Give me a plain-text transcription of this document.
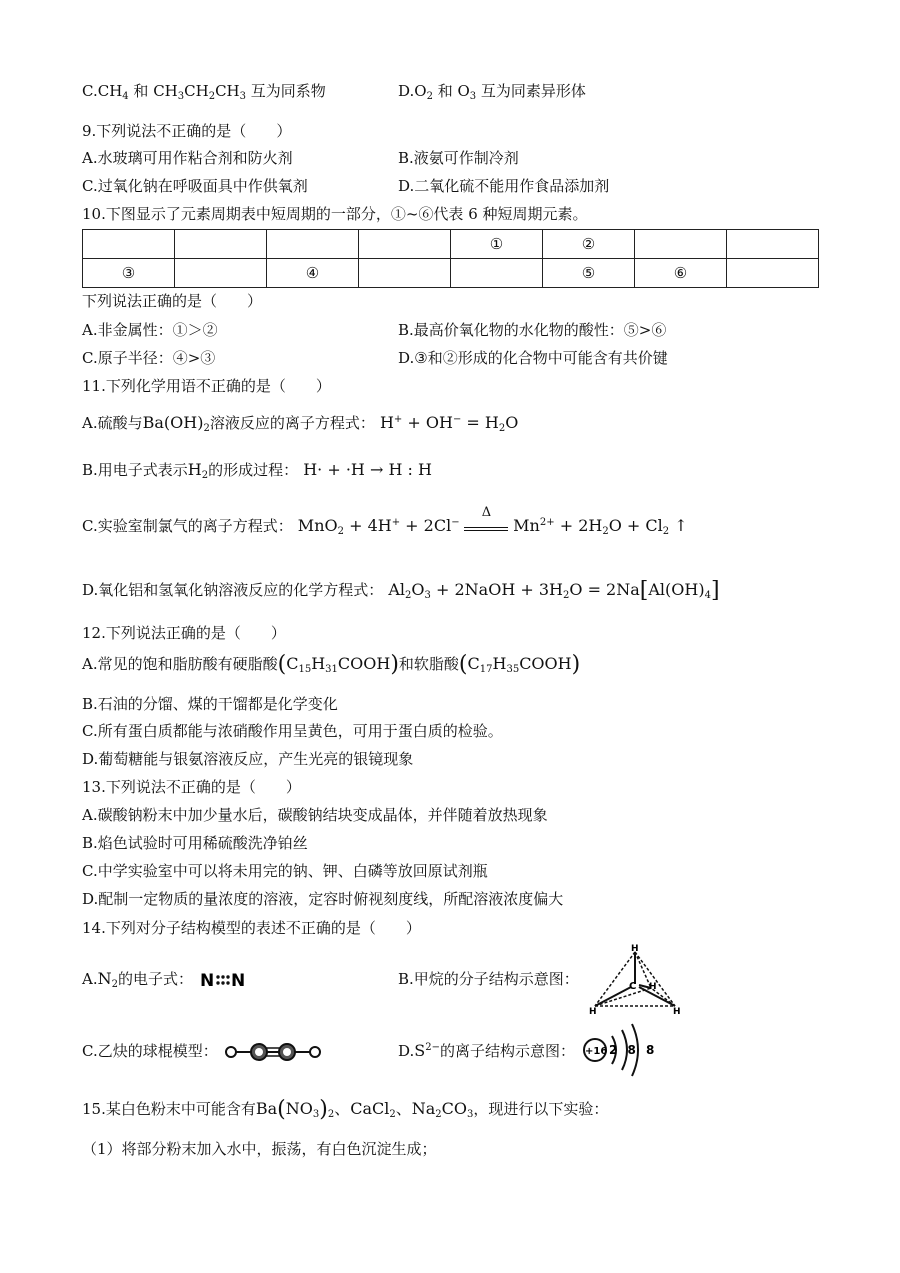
$C.CH_4$ 和 $CH_3CH_2CH_3$ 互为同系物	$D.O_2$ 和 $O_3$ 互为同素异形体
9.下列说法不正确的是（　　）
A.水玻璃可用作粘合剂和防火剂	B.液氨可作制冷剂
C.过氧化钠在呼吸面具中作供氧剂	D.二氧化硫不能用作食品添加剂
10.下图显示了元素周期表中短周期的一部分，①~⑥代表 6 种短周期元素。
				①	②		
③		④			⑤	⑥	
下列说法正确的是（　　）
A.非金属性：①＞②	B.最高价氧化物的水化物的酸性：⑤>⑥
C.原子半径：④>③	D.③和②形成的化合物中可能含有共价键
11.下列化学用语不正确的是（　　）
A.硫酸与$Ba(OH)_2$溶液反应的离子方程式： $H^+ + OH^- = H_2O$
B.用电子式表示$H_2$的形成过程： H· + ·H → H : H
C.实验室制氯气的离子方程式： MnO$_2$ + 4H+ + 2Cl−
Δ
$Mn^{2+} + 2H_2O + Cl_2$ ↑
D.氧化铝和氢氧化钠溶液反应的化学方程式： $Al_2O_3$ + 2NaOH + $3H_2O = 2Na[Al(OH)_4]$
12.下列说法正确的是（　　）
A.常见的饱和脂肪酸有硬脂酸$(C_{15}H_{31}COOH)$和软脂酸$(C_{17}H_{35}COOH)$
B.石油的分馏、煤的干馏都是化学变化
C.所有蛋白质都能与浓硝酸作用呈黄色，可用于蛋白质的检验。
D.葡萄糖能与银氨溶液反应，产生光亮的银镜现象
13.下列说法不正确的是（　　）
A.碳酸钠粉末中加少量水后，碳酸钠结块变成晶体，并伴随着放热现象
B.焰色试验时可用稀硫酸洗净铂丝
C.中学实验室中可以将未用完的钠、钾、白磷等放回原试剂瓶
D.配制一定物质的量浓度的溶液，定容时俯视刻度线，所配溶液浓度偏大
14.下列对分子结构模型的表述不正确的是（　　）
$A.N_2$的电子式： N N	B.甲烷的分子结构示意图：
H
H	H
H
C
C.乙炔的球棍模型：	$D.S^{2-}$的离子结构示意图： +16 2 8 8
15.某白色粉末中可能含有$Ba(NO_3)_2$、CaCl$_2$、$Na_2CO_3$，现进行以下实验：
（1）将部分粉末加入水中，振荡，有白色沉淀生成；
